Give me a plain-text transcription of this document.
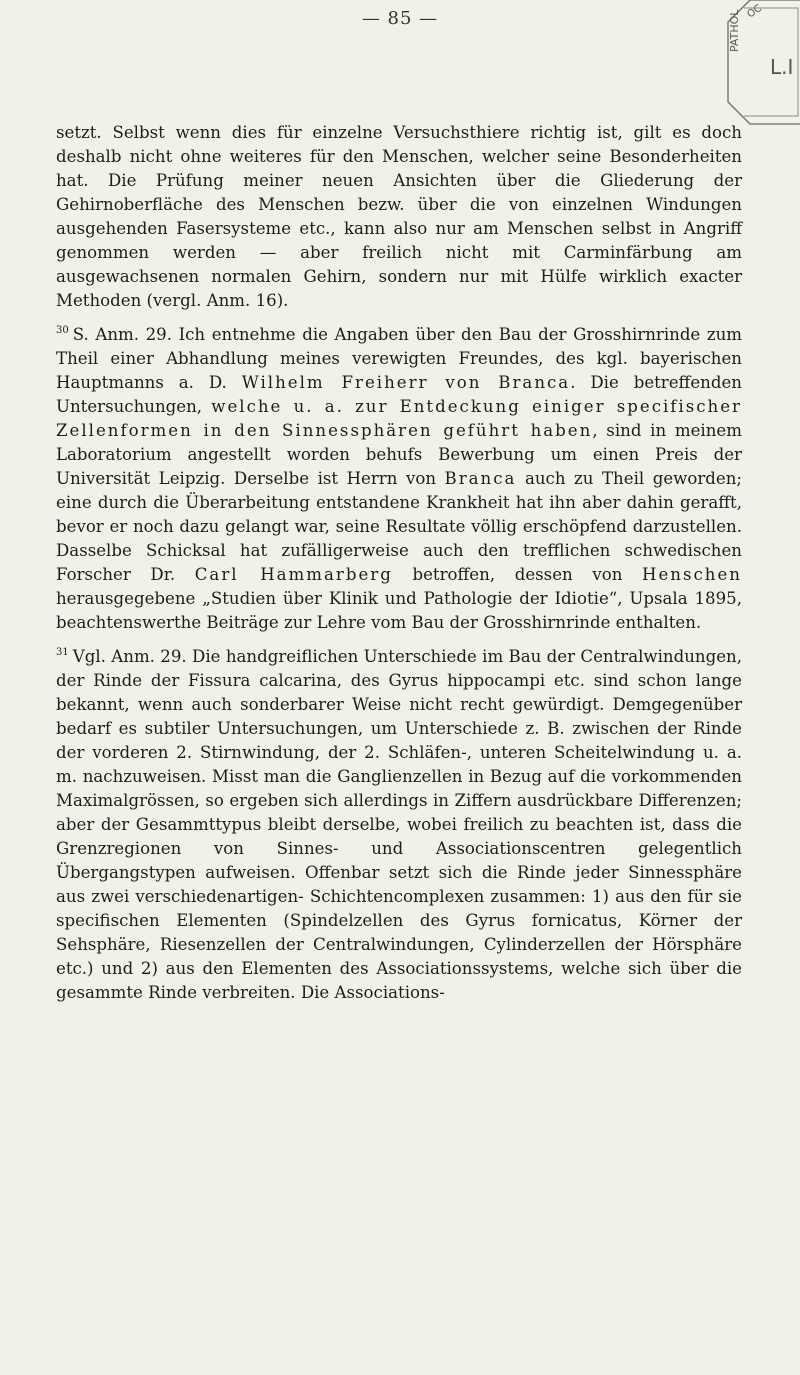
— 85 —	OC
L.I
PATHOL

setzt. Selbst wenn dies für einzelne Versuchsthiere richtig ist, gilt es doch deshalb nicht ohne weiteres für den Menschen, welcher seine Besonderheiten hat. Die Prüfung meiner neuen Ansichten über die Gliederung der Gehirnoberfläche des Menschen bezw. über die von einzelnen Windungen ausgehenden Fasersysteme etc., kann also nur am Menschen selbst in Angriff genommen werden — aber freilich nicht mit Carminfärbung am ausgewachsenen normalen Gehirn, sondern nur mit Hülfe wirklich exacter Methoden (vergl. Anm. 16).

$^{30}$ S. Anm. 29. Ich entnehme die Angaben über den Bau der Grosshirnrinde zum Theil einer Abhandlung meines verewigten Freundes, des kgl. bayerischen Hauptmanns a. D. Wilhelm Freiherr von Branca. Die betreffenden Untersuchungen, welche u. a. zur Entdeckung einiger specifischer Zellenformen in den Sinnessphären geführt haben, sind in meinem Laboratorium angestellt worden behufs Bewerbung um einen Preis der Universität Leipzig. Derselbe ist Herrn von Branca auch zu Theil geworden; eine durch die Überarbeitung entstandene Krankheit hat ihn aber dahin gerafft, bevor er noch dazu gelangt war, seine Resultate völlig erschöpfend darzustellen. Dasselbe Schicksal hat zufälligerweise auch den trefflichen schwedischen Forscher Dr. Carl Hammarberg betroffen, dessen von Henschen herausgegebene „Studien über Klinik und Pathologie der Idiotie“, Upsala 1895, beachtenswerthe Beiträge zur Lehre vom Bau der Grosshirnrinde enthalten.

$^{31}$ Vgl. Anm. 29. Die handgreiflichen Unterschiede im Bau der Centralwindungen, der Rinde der Fissura calcarina, des Gyrus hippocampi etc. sind schon lange bekannt, wenn auch sonderbarer Weise nicht recht gewürdigt. Demgegenüber bedarf es subtiler Untersuchungen, um Unterschiede z. B. zwischen der Rinde der vorderen 2. Stirnwindung, der 2. Schläfen-, unteren Scheitelwindung u. a. m. nachzuweisen. Misst man die Ganglienzellen in Bezug auf die vorkommenden Maximalgrössen, so ergeben sich allerdings in Ziffern ausdrückbare Differenzen; aber der Gesammttypus bleibt derselbe, wobei freilich zu beachten ist, dass die Grenzregionen von Sinnes- und Associationscentren gelegentlich Übergangstypen aufweisen. Offenbar setzt sich die Rinde jeder Sinnessphäre aus zwei verschiedenartigen- Schichtencomplexen zusammen: 1) aus den für sie specifischen Elementen (Spindelzellen des Gyrus fornicatus, Körner der Sehsphäre, Riesenzellen der Centralwindungen, Cylinderzellen der Hörsphäre etc.) und 2) aus den Elementen des Associationssystems, welche sich über die gesammte Rinde verbreiten. Die Associations-
